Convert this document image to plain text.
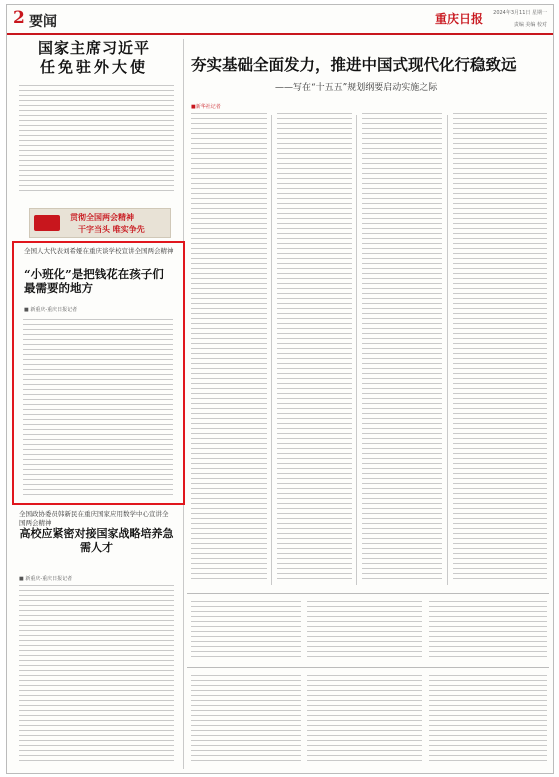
2 要闻	重庆日报	2024年3月11日 星期一
责编 美编 校对
国家主席习近平
任免驻外大使
贯彻全国两会精神
干字当头 唯实争先
全国人大代表刘希娅在重庆谈学校宣讲全国两会精神
“小班化”是把钱花在孩子们最需要的地方
■ 新重庆-重庆日报记者
全国政协委员韩新民在重庆国家应用数学中心宣讲全国两会精神
高校应紧密对接国家战略培养急需人才
■ 新重庆-重庆日报记者
夯实基础全面发力，推进中国式现代化行稳致远
——写在“十五五”规划纲要启动实施之际
■新华社记者
